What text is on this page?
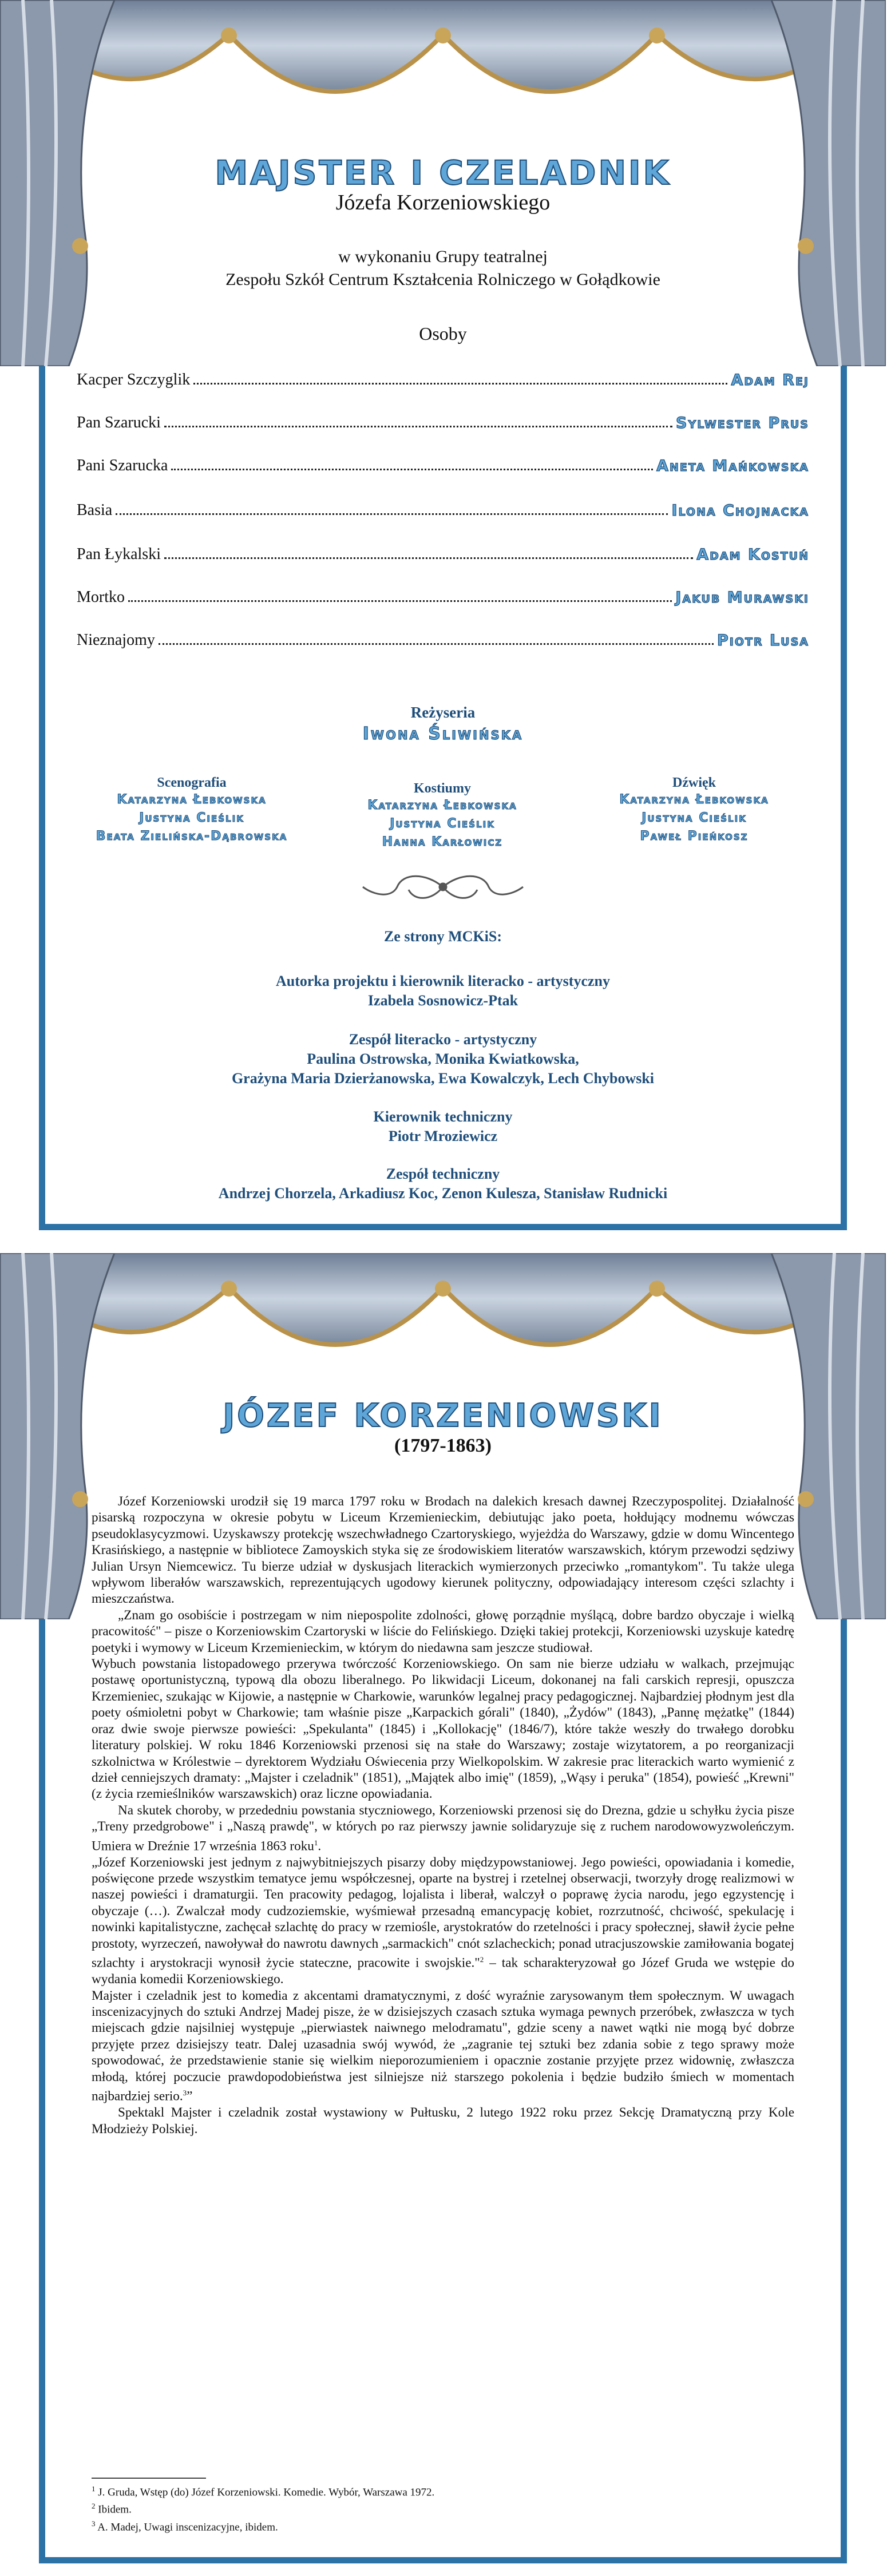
MAJSTER I CZELADNIK
Józefa Korzeniowskiego
w wykonaniu Grupy teatralnej
Zespołu Szkół Centrum Kształcenia Rolniczego w Gołądkowie
Osoby
Kacper Szczyglik	Adam Rej
Pan Szarucki	Sylwester Prus
Pani Szarucka	Aneta Mańkowska
Basia	Ilona Chojnacka
Pan Łykalski	Adam Kostuń
Mortko	Jakub Murawski
Nieznajomy	Piotr Lusa
Reżyseria
Iwona Śliwińska
Scenografia
Katarzyna Łebkowska
Justyna Cieślik
Beata Zielińska-Dąbrowska
Kostiumy
Katarzyna Łebkowska
Justyna Cieślik
Hanna Karłowicz
Dźwięk
Katarzyna Łebkowska
Justyna Cieślik
Paweł Pieńkosz
Ze strony MCKiS:
Autorka projektu i kierownik literacko - artystyczny
Izabela Sosnowicz-Ptak
Zespół literacko - artystyczny
Paulina Ostrowska, Monika Kwiatkowska,
Grażyna Maria Dzierżanowska, Ewa Kowalczyk, Lech Chybowski
Kierownik techniczny
Piotr Mroziewicz
Zespół techniczny
Andrzej Chorzela, Arkadiusz Koc, Zenon Kulesza, Stanisław Rudnicki
JÓZEF KORZENIOWSKI
(1797-1863)

Józef Korzeniowski urodził się 19 marca 1797 roku w Brodach na dalekich kresach dawnej Rzeczypospolitej. Działalność pisarską rozpoczyna w okresie pobytu w Liceum Krzemienieckim, debiutując jako poeta, hołdujący modnemu wówczas pseudoklasycyzmowi. Uzyskawszy protekcję wszechwładnego Czartoryskiego, wyjeżdża do Warszawy, gdzie w domu Wincentego Krasińskiego, a następnie w bibliotece Zamoyskich styka się ze środowiskiem literatów warszawskich, którym przewodzi sędziwy Julian Ursyn Niemcewicz. Tu bierze udział w dyskusjach literackich wymierzonych przeciwko „romantykom". Tu także ulega wpływom liberałów warszawskich, reprezentujących ugodowy kierunek polityczny, odpowiadający interesom części szlachty i mieszczaństwa.

„Znam go osobiście i postrzegam w nim niepospolite zdolności, głowę porządnie myślącą, dobre bardzo obyczaje i wielką pracowitość" – pisze o Korzeniowskim Czartoryski w liście do Felińskiego. Dzięki takiej protekcji, Korzeniowski uzyskuje katedrę poetyki i wymowy w Liceum Krzemienieckim, w którym do niedawna sam jeszcze studiował.

Wybuch powstania listopadowego przerywa twórczość Korzeniowskiego. On sam nie bierze udziału w walkach, przejmując postawę oportunistyczną, typową dla obozu liberalnego. Po likwidacji Liceum, dokonanej na fali carskich represji, opuszcza Krzemieniec, szukając w Kijowie, a następnie w Charkowie, warunków legalnej pracy pedagogicznej. Najbardziej płodnym jest dla poety ośmioletni pobyt w Charkowie; tam właśnie pisze „Karpackich górali" (1840), „Żydów" (1843), „Pannę mężatkę" (1844) oraz dwie swoje pierwsze powieści: „Spekulanta" (1845) i „Kollokację" (1846/7), które także weszły do trwałego dorobku literatury polskiej. W roku 1846 Korzeniowski przenosi się na stałe do Warszawy; zostaje wizytatorem, a po reorganizacji szkolnictwa w Królestwie – dyrektorem Wydziału Oświecenia przy Wielkopolskim. W zakresie prac literackich warto wymienić z dzieł cenniejszych dramaty: „Majster i czeladnik" (1851), „Majątek albo imię" (1859), „Wąsy i peruka" (1854), powieść „Krewni" (z życia rzemieślników warszawskich) oraz liczne opowiadania.

Na skutek choroby, w przededniu powstania styczniowego, Korzeniowski przenosi się do Drezna, gdzie u schyłku życia pisze „Treny przedgrobowe" i „Naszą prawdę", w których po raz pierwszy jawnie solidaryzuje się z ruchem narodowowyzwoleńczym. Umiera w Dreźnie 17 września 1863 roku$^1$.

„Józef Korzeniowski jest jednym z najwybitniejszych pisarzy doby międzypowstaniowej. Jego powieści, opowiadania i komedie, poświęcone przede wszystkim tematyce jemu współczesnej, oparte na bystrej i rzetelnej obserwacji, tworzyły drogę realizmowi w naszej powieści i dramaturgii. Ten pracowity pedagog, lojalista i liberał, walczył o poprawę życia narodu, jego egzystencję i obyczaje (…). Zwalczał mody cudzoziemskie, wyśmiewał przesadną emancypację kobiet, rozrzutność, chciwość, spekulację i nowinki kapitalistyczne, zachęcał szlachtę do pracy w rzemiośle, arystokratów do rzetelności i pracy społecznej, sławił życie pełne prostoty, wyrzeczeń, nawoływał do nawrotu dawnych „sarmackich" cnót szlacheckich; ponad utracjuszowskie zamiłowania bogatej szlachty i arystokracji wynosił życie stateczne, pracowite i swojskie."$^2$ – tak scharakteryzował go Józef Gruda we wstępie do wydania komedii Korzeniowskiego.

Majster i czeladnik jest to komedia z akcentami dramatycznymi, z dość wyraźnie zarysowanym tłem społecznym. W uwagach inscenizacyjnych do sztuki Andrzej Madej pisze, że w dzisiejszych czasach sztuka wymaga pewnych przeróbek, zwłaszcza w tych miejscach gdzie najsilniej występuje „pierwiastek naiwnego melodramatu", gdzie sceny a nawet wątki nie mogą być dobrze przyjęte przez dzisiejszy teatr. Dalej uzasadnia swój wywód, że „zagranie tej sztuki bez zdania sobie z tego sprawy może spowodować, że przedstawienie stanie się wielkim nieporozumieniem i opacznie zostanie przyjęte przez widownię, zwłaszcza młodą, której poczucie prawdopodobieństwa jest silniejsze niż starszego pokolenia i będzie budziło śmiech w momentach najbardziej serio.$^3$”

Spektakl Majster i czeladnik został wystawiony w Pułtusku, 2 lutego 1922 roku przez Sekcję Dramatyczną przy Kole Młodzieży Polskiej.

$^1$ J. Gruda, Wstęp (do) Józef Korzeniowski. Komedie. Wybór, Warszawa 1972.
$^2$ Ibidem.
$^3$ A. Madej, Uwagi inscenizacyjne, ibidem.
